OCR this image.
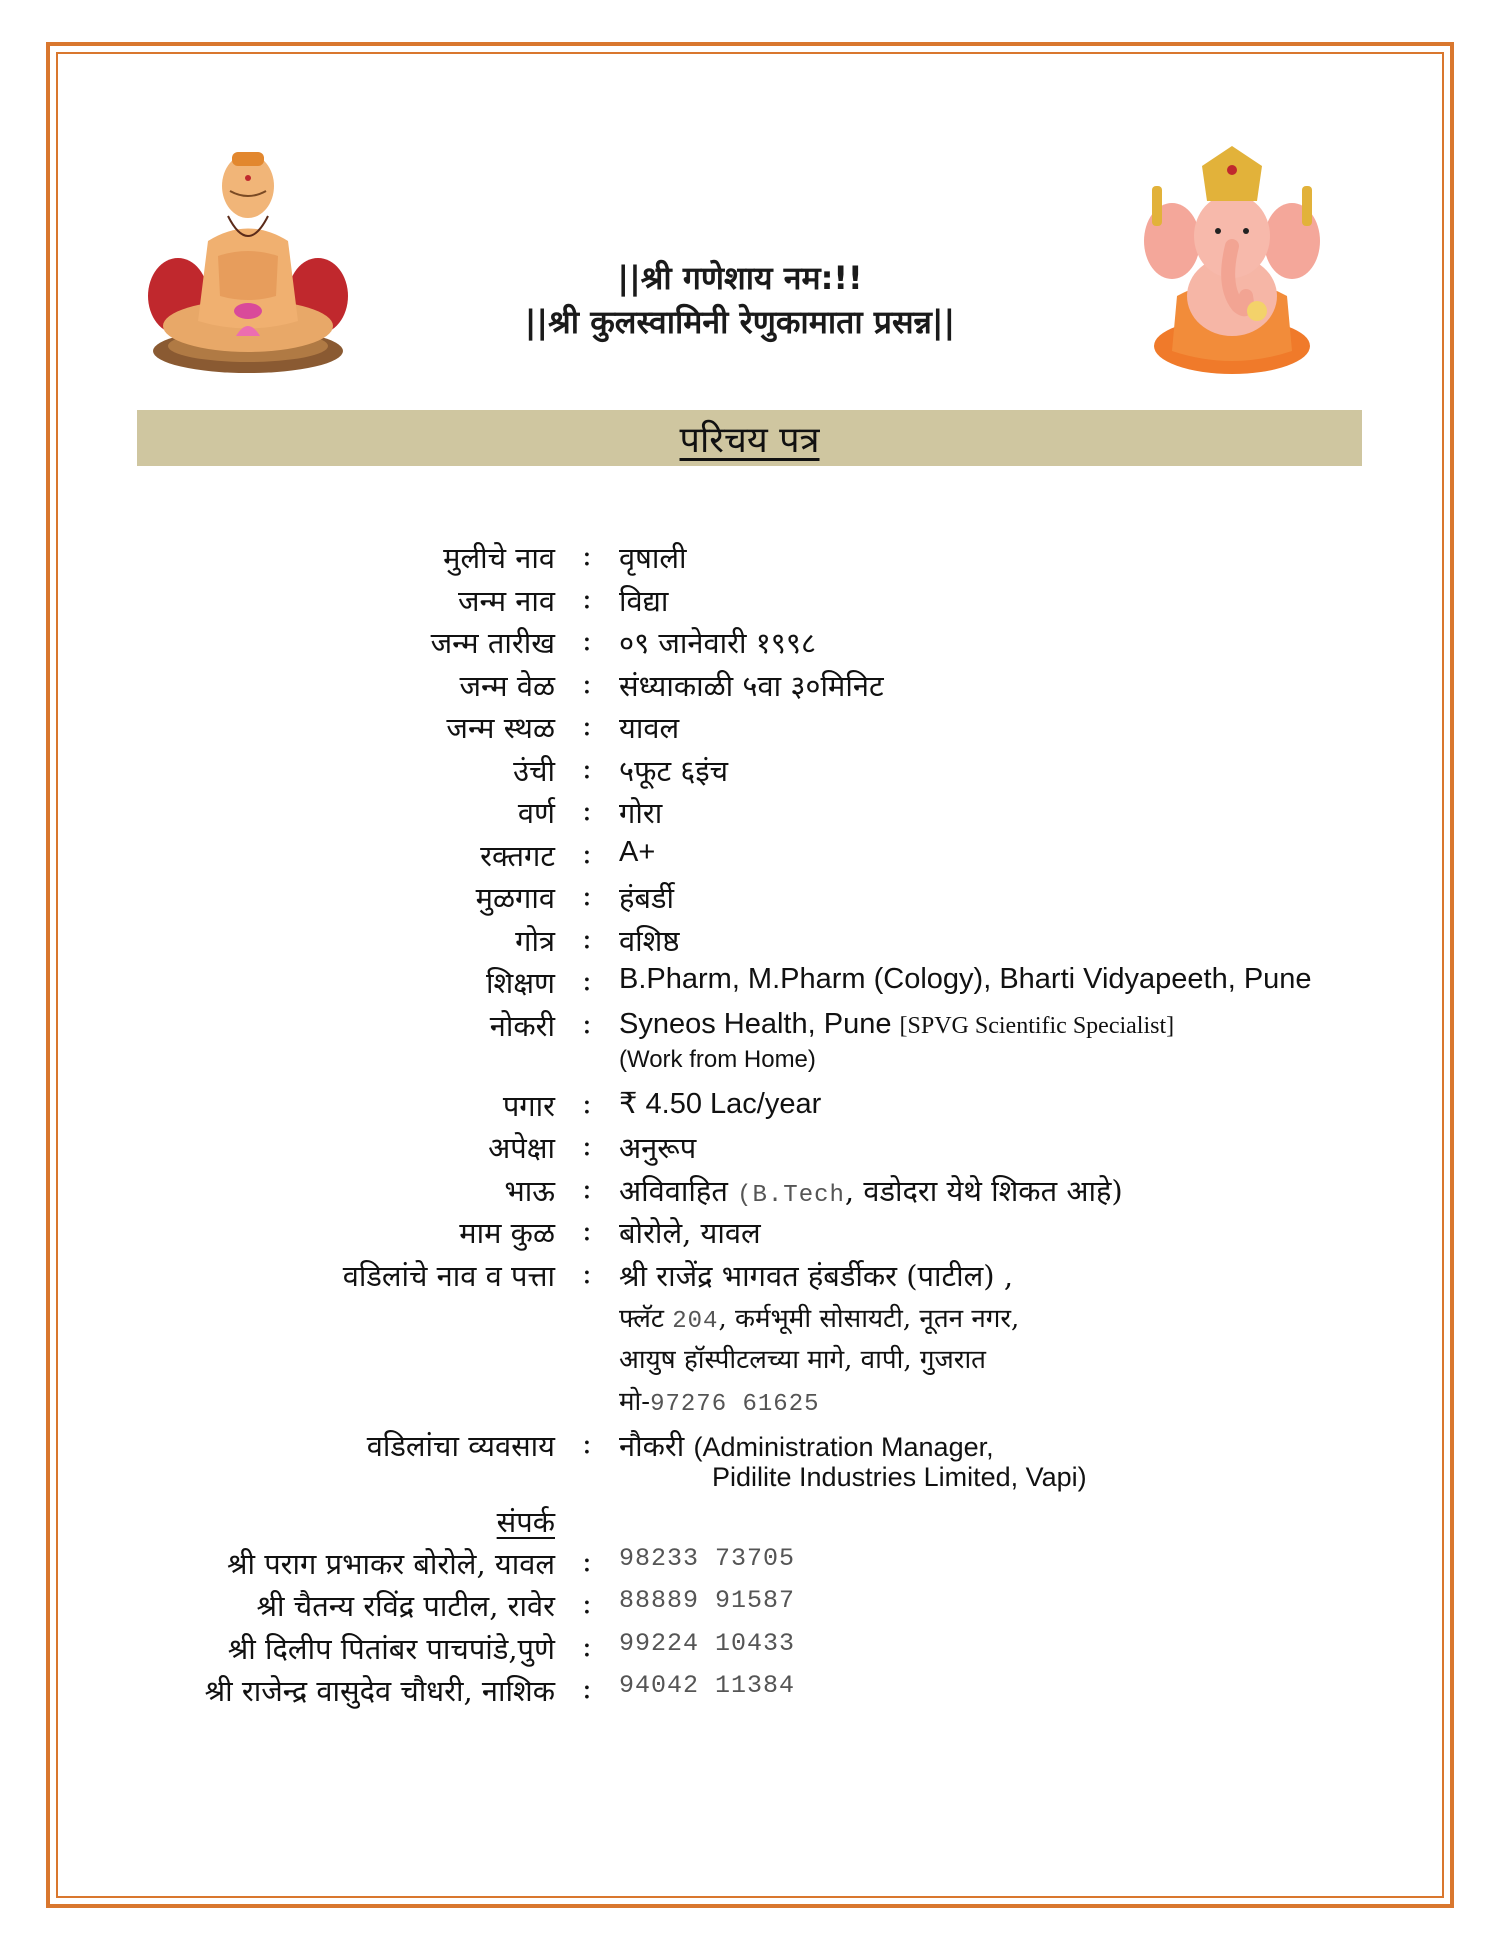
||श्री गणेशाय नम:!!
||श्री कुलस्वामिनी रेणुकामाता प्रसन्न||
परिचय पत्र
मुलीचे नाव : वृषाली
जन्म नाव : विद्या
जन्म तारीख : ०९ जानेवारी १९९८
जन्म वेळ : संध्याकाळी ५वा ३०मिनिट
जन्म स्थळ : यावल
उंची : ५फूट ६इंच
वर्ण : गोरा
रक्तगट : A+
मुळगाव : हंबर्डी
गोत्र : वशिष्ठ
शिक्षण : B.Pharm, M.Pharm (Cology), Bharti Vidyapeeth, Pune
नोकरी : Syneos Health, Pune [SPVG Scientific Specialist]
(Work from Home)
पगार : ₹ 4.50 Lac/year
अपेक्षा : अनुरूप
भाऊ : अविवाहित (B.Tech, वडोदरा येथे शिकत आहे)
माम कुळ : बोरोले, यावल
वडिलांचे नाव व पत्ता : श्री राजेंद्र भागवत हंबर्डीकर (पाटील) ,
फ्लॅट 204, कर्मभूमी सोसायटी, नूतन नगर,
आयुष हॉस्पीटलच्या मागे, वापी, गुजरात
मो-97276 61625
वडिलांचा व्यवसाय : नौकरी (Administration Manager,
Pidilite Industries Limited, Vapi)
संपर्क
श्री पराग प्रभाकर बोरोले, यावल : 98233 73705
श्री चैतन्य रविंद्र पाटील, रावेर : 88889 91587
श्री दिलीप पितांबर पाचपांडे,पुणे : 99224 10433
श्री राजेन्द्र वासुदेव चौधरी, नाशिक : 94042 11384
